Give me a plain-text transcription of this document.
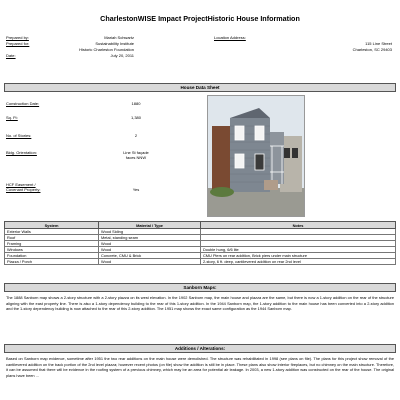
CharlestonWISE Impact ProjectHistoric House Information
Prepared by:	Mariah Schwartz
Prepared for:	Sustainability Institute
Historic Charleston Foundation
Date:	July 20, 2011
Location Address:
115 Line Street
Charleston, SC 29403
House Data Sheet
Construction Date:	1880
Sq. Ft:	1,380
No. of Stories:	2
Bldg. Orientation:	Line St façade
faces NNW
HCF Easement /
Covenant Property:	Yes
System	Material / Type	Notes
Exterior Walls	Wood Siding	
Roof	Metal, standing seam	
Framing	Wood	
Windows	Wood	Double hung, 6/6 lite
Foundation	Concrete, CMU & Brick	CMU Piers on rear addition, Brick piers under main structure
Piazza / Porch	Wood	2-story, 6 ft. deep, cantilevered addition on rear 2nd level
Sanborn Maps:
The 1888 Sanborn map shows a 2-story structure with a 2-story piazza on its west elevation. In the 1902 Sanborn map, the main house and piazza are the same, but there is now a 1-story addition on the rear of the structure aligning with the east property line. There is also a 1-story dependency building to the rear of this 1-story addition. In the 1944 Sanborn map, the 1-story addition to the main house has been converted into a 2-story addition and the 1-story dependency building is now attached to the rear of this 2-story addition. The 1951 map shows the exact same configuration as the 1944 Sanborn map.
Additions / Alterations:
Based on Sanborn map evidence, sometime after 1951 the two rear additions on the main house were demolished. The structure was rehabilitated in 1998 (see plans on file). The plans for this project show removal of the cantilevered addition on the back portion of the 2nd level piazza; however recent photos (on file) show the addition is still be in place. These plans also show interior fireplaces, but no chimney on the main structure. Therefore, it can be assumed that there will be evidence in the roofing system of a previous chimney, which may be an area for potential air leakage. In 2003, a new 1-story addition was constructed on the rear of the house. The original plans have been ...
